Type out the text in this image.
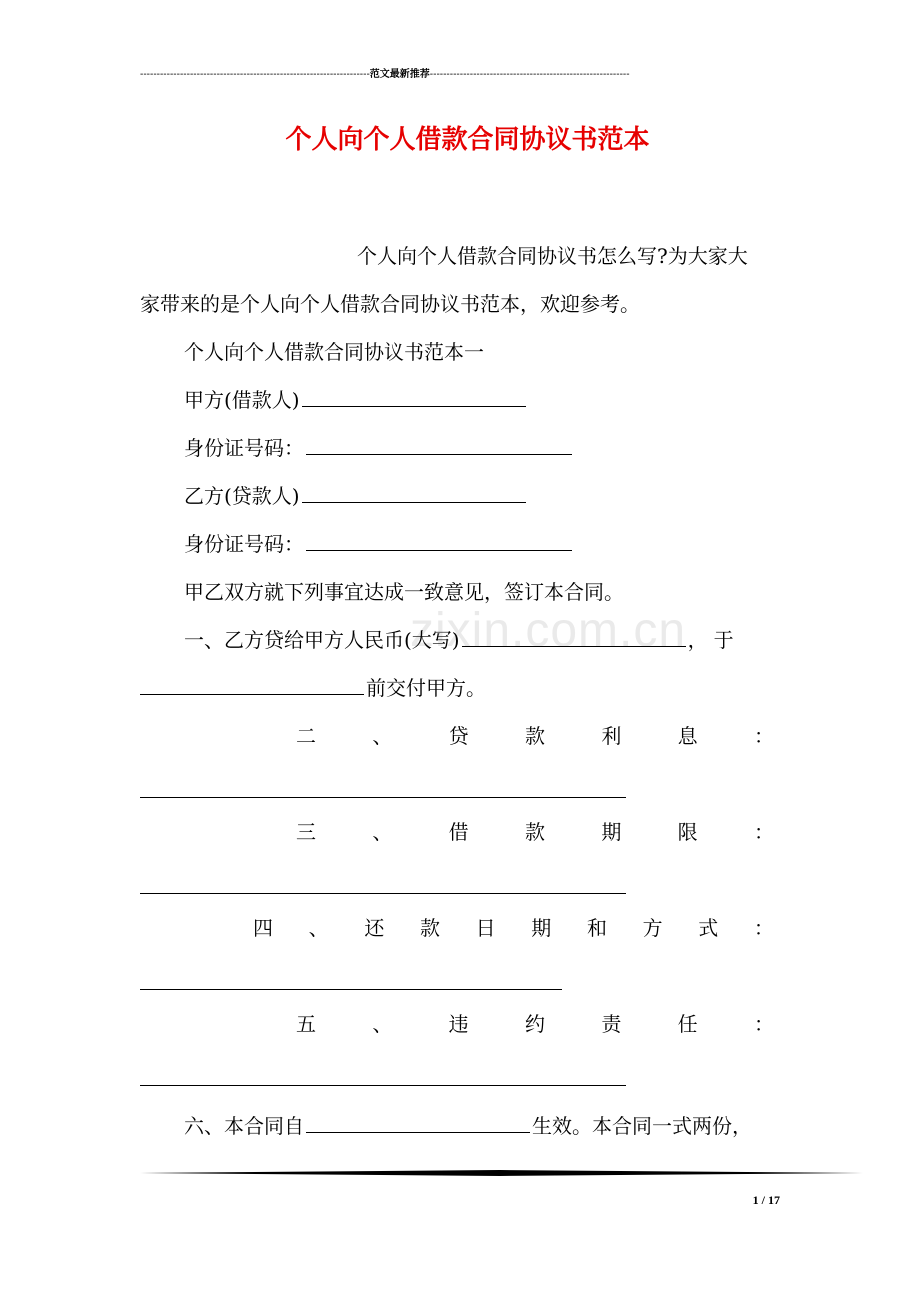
---------------------------------------------------------------------范文最新推荐------------------------------------------------------------
个人向个人借款合同协议书范本
zixin.com.cn
个人向个人借款合同协议书怎么写?为大家大
家带来的是个人向个人借款合同协议书范本，欢迎参考。
个人向个人借款合同协议书范本一
甲方(借款人)
身份证号码：
乙方(贷款人)
身份证号码：
甲乙双方就下列事宜达成一致意见，签订本合同。
一、乙方贷给甲方人民币(大写)	，于
前交付甲方。
二	、	贷	款	利	息	：
三	、	借	款	期	限	：
四 、 还 款 日 期 和 方 式 ：
五	、	违	约	责	任	：
六、本合同自	生效。本合同一式两份，
1 / 17
